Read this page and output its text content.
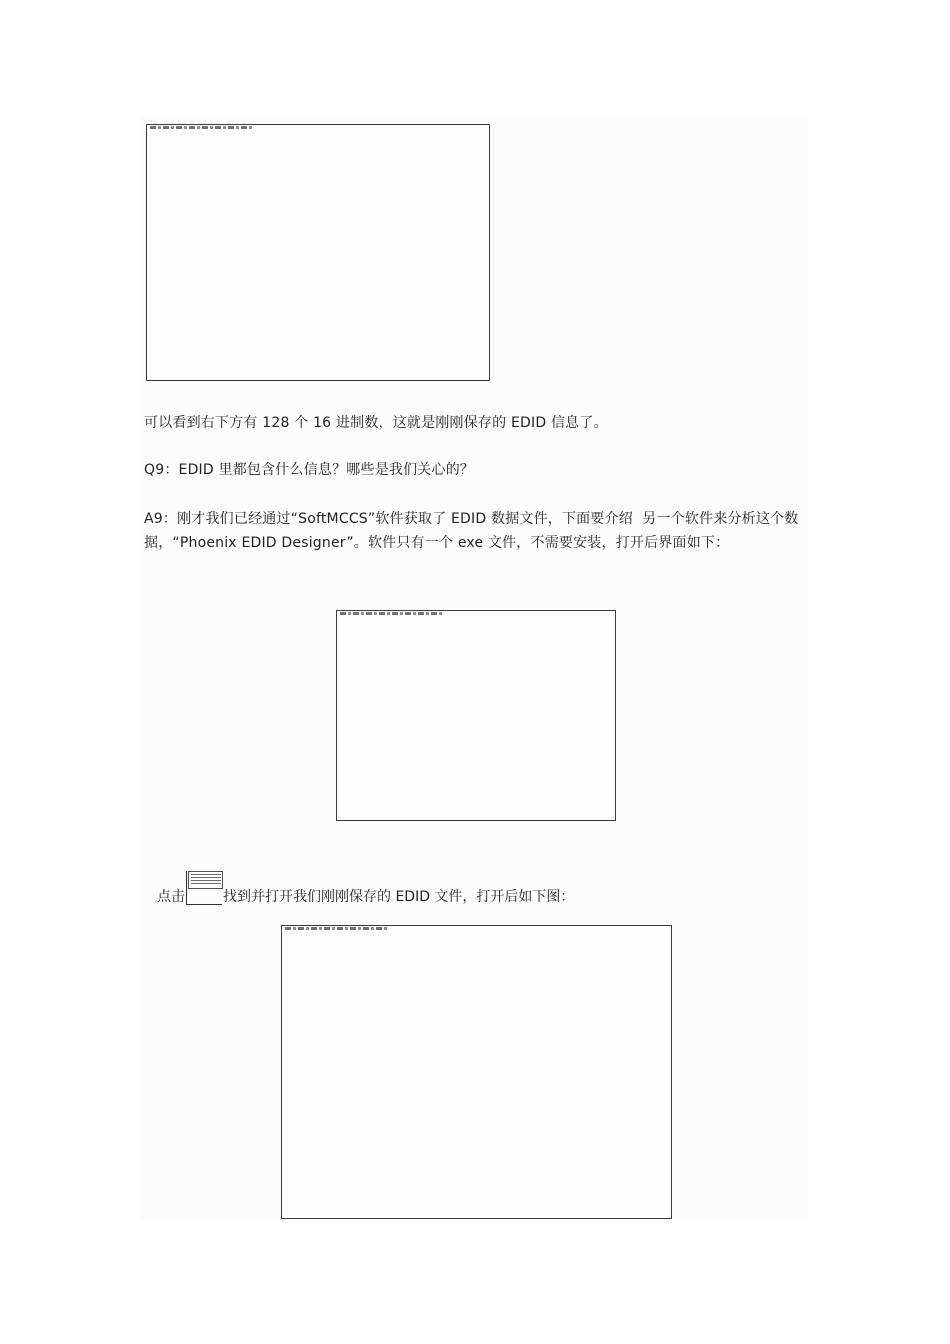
可以看到右下方有 128 个 16 进制数，这就是刚刚保存的 EDID 信息了。
Q9：EDID 里都包含什么信息？哪些是我们关心的？
A9：刚才我们已经通过“SoftMCCS”软件获取了 EDID 数据文件，下面要介绍  另一个软件来分析这个数据，“Phoenix EDID Designer”。软件只有一个 exe 文件，不需要安装，打开后界面如下：
点击	找到并打开我们刚刚保存的 EDID 文件，打开后如下图：
